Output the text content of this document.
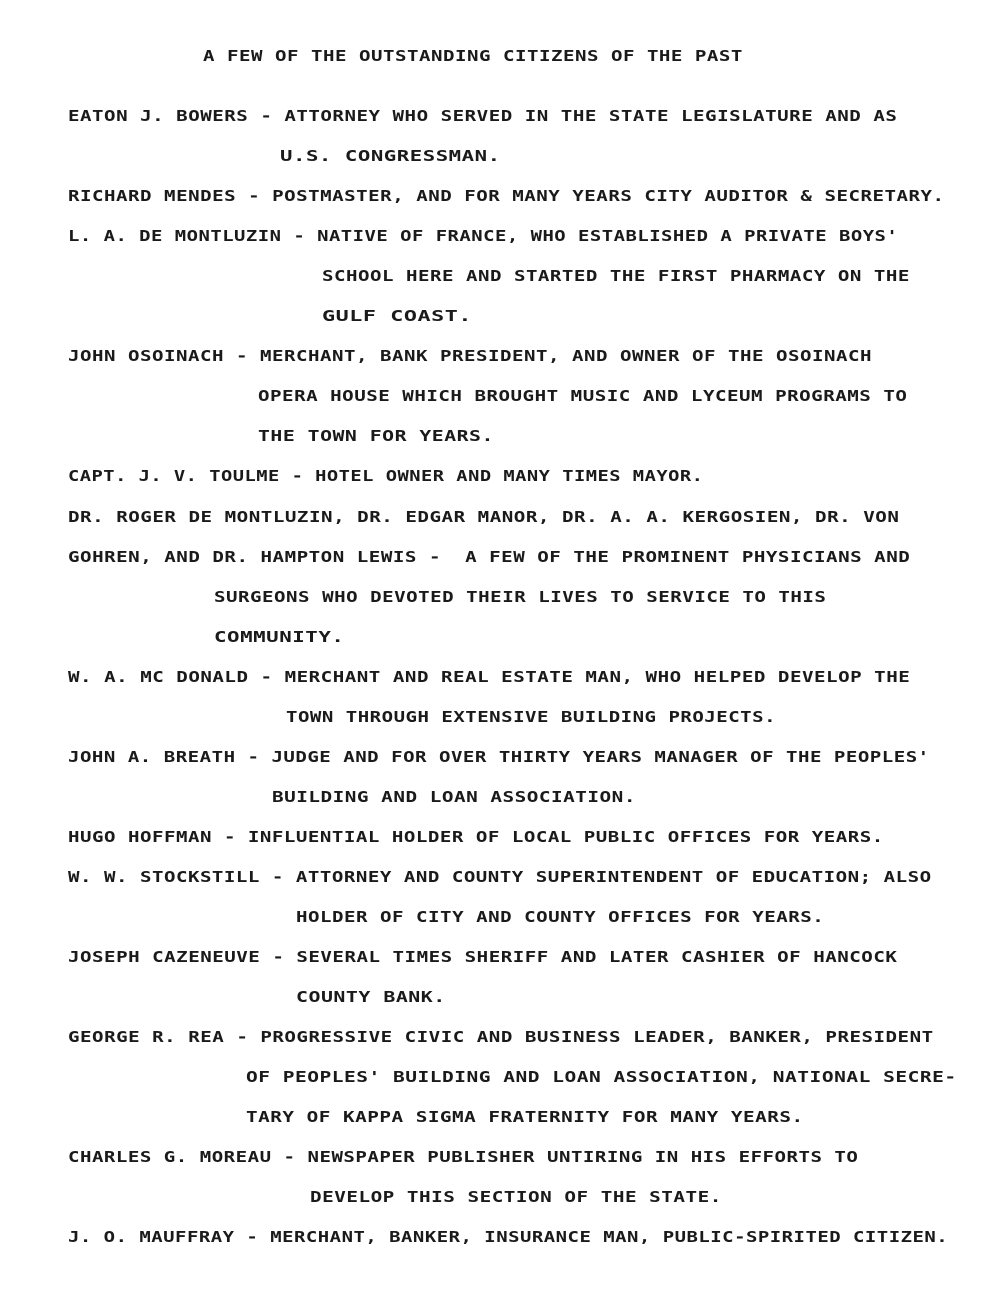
A FEW OF THE OUTSTANDING CITIZENS OF THE PAST
EATON J. BOWERS - ATTORNEY WHO SERVED IN THE STATE LEGISLATURE AND AS
U.S. CONGRESSMAN.
RICHARD MENDES - POSTMASTER, AND FOR MANY YEARS CITY AUDITOR & SECRETARY.
L. A. DE MONTLUZIN - NATIVE OF FRANCE, WHO ESTABLISHED A PRIVATE BOYS'
SCHOOL HERE AND STARTED THE FIRST PHARMACY ON THE
GULF COAST.
JOHN OSOINACH - MERCHANT, BANK PRESIDENT, AND OWNER OF THE OSOINACH
OPERA HOUSE WHICH BROUGHT MUSIC AND LYCEUM PROGRAMS TO
THE TOWN FOR YEARS.
CAPT. J. V. TOULME - HOTEL OWNER AND MANY TIMES MAYOR.
DR. ROGER DE MONTLUZIN, DR. EDGAR MANOR, DR. A. A. KERGOSIEN, DR. VON
GOHREN, AND DR. HAMPTON LEWIS -  A FEW OF THE PROMINENT PHYSICIANS AND
SURGEONS WHO DEVOTED THEIR LIVES TO SERVICE TO THIS
COMMUNITY.
W. A. MC DONALD - MERCHANT AND REAL ESTATE MAN, WHO HELPED DEVELOP THE
TOWN THROUGH EXTENSIVE BUILDING PROJECTS.
JOHN A. BREATH - JUDGE AND FOR OVER THIRTY YEARS MANAGER OF THE PEOPLES'
BUILDING AND LOAN ASSOCIATION.
HUGO HOFFMAN - INFLUENTIAL HOLDER OF LOCAL PUBLIC OFFICES FOR YEARS.
W. W. STOCKSTILL - ATTORNEY AND COUNTY SUPERINTENDENT OF EDUCATION; ALSO
HOLDER OF CITY AND COUNTY OFFICES FOR YEARS.
JOSEPH CAZENEUVE - SEVERAL TIMES SHERIFF AND LATER CASHIER OF HANCOCK
COUNTY BANK.
GEORGE R. REA - PROGRESSIVE CIVIC AND BUSINESS LEADER, BANKER, PRESIDENT
OF PEOPLES' BUILDING AND LOAN ASSOCIATION, NATIONAL SECRE-
TARY OF KAPPA SIGMA FRATERNITY FOR MANY YEARS.
CHARLES G. MOREAU - NEWSPAPER PUBLISHER UNTIRING IN HIS EFFORTS TO
DEVELOP THIS SECTION OF THE STATE.
J. O. MAUFFRAY - MERCHANT, BANKER, INSURANCE MAN, PUBLIC-SPIRITED CITIZEN.
